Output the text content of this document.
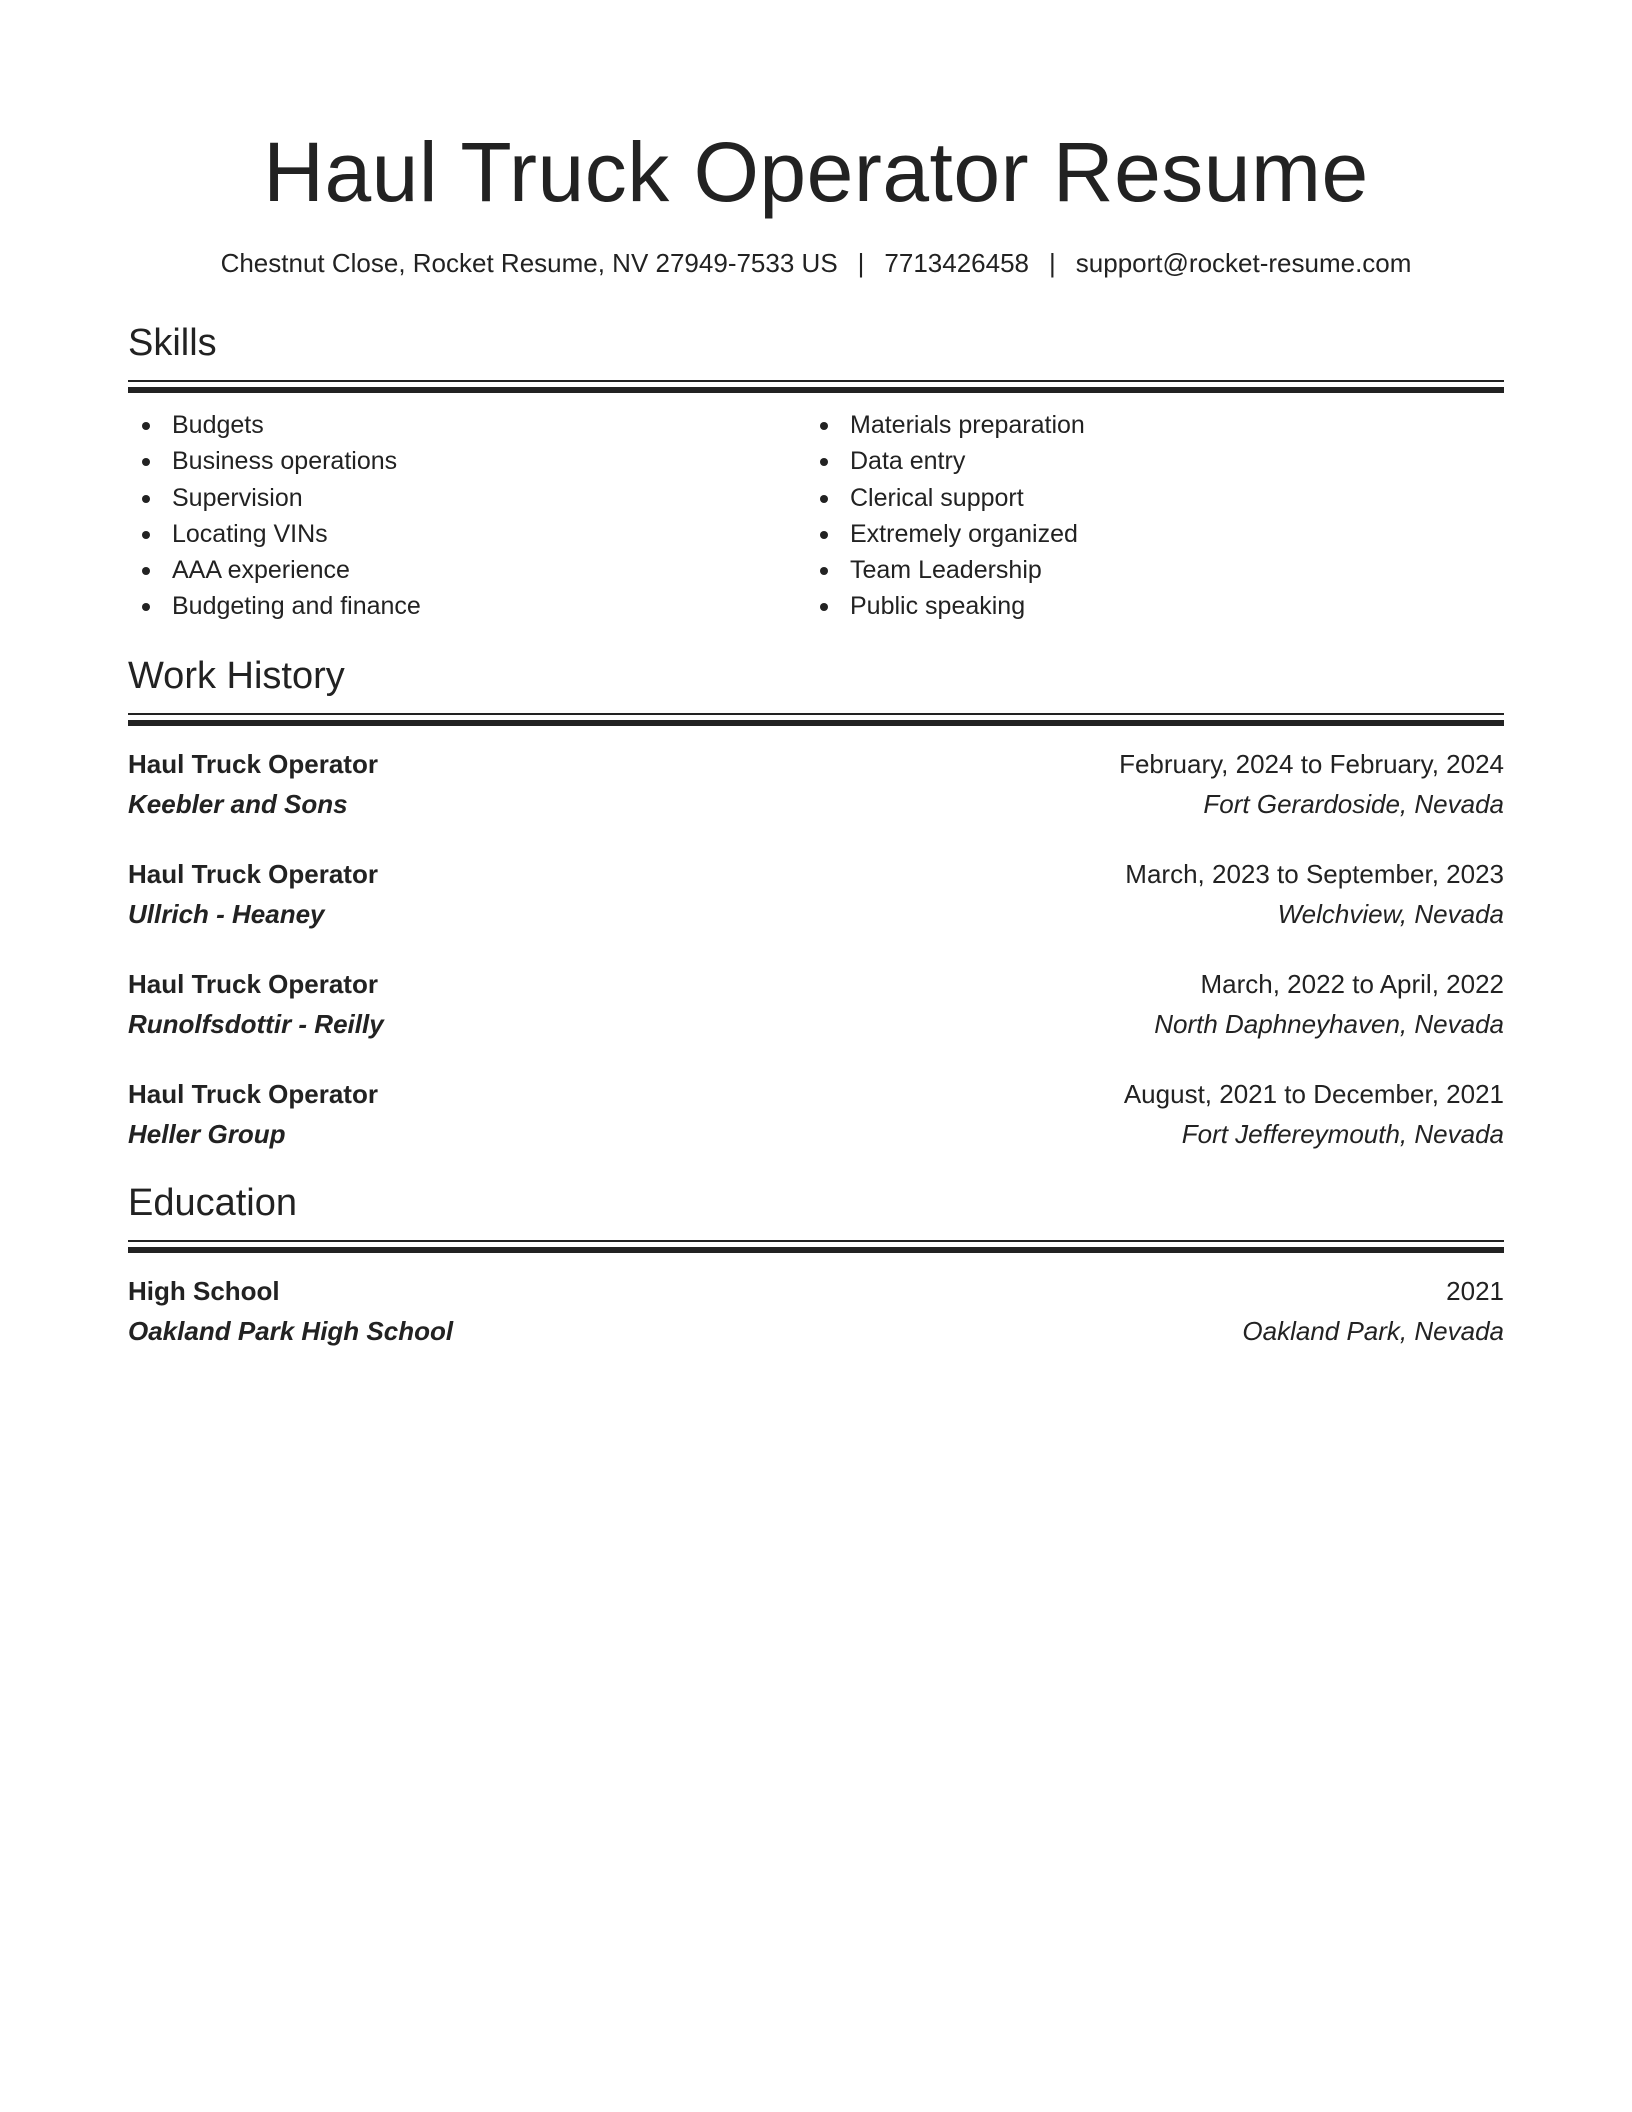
Haul Truck Operator Resume
Chestnut Close, Rocket Resume, NV 27949-7533 US | 7713426458 | support@rocket-resume.com
Skills
Budgets
Business operations
Supervision
Locating VINs
AAA experience
Budgeting and finance
Materials preparation
Data entry
Clerical support
Extremely organized
Team Leadership
Public speaking
Work History
Haul Truck Operator	February, 2024 to February, 2024
Keebler and Sons	Fort Gerardoside, Nevada
Haul Truck Operator	March, 2023 to September, 2023
Ullrich - Heaney	Welchview, Nevada
Haul Truck Operator	March, 2022 to April, 2022
Runolfsdottir - Reilly	North Daphneyhaven, Nevada
Haul Truck Operator	August, 2021 to December, 2021
Heller Group	Fort Jeffereymouth, Nevada
Education
High School	2021
Oakland Park High School	Oakland Park, Nevada
